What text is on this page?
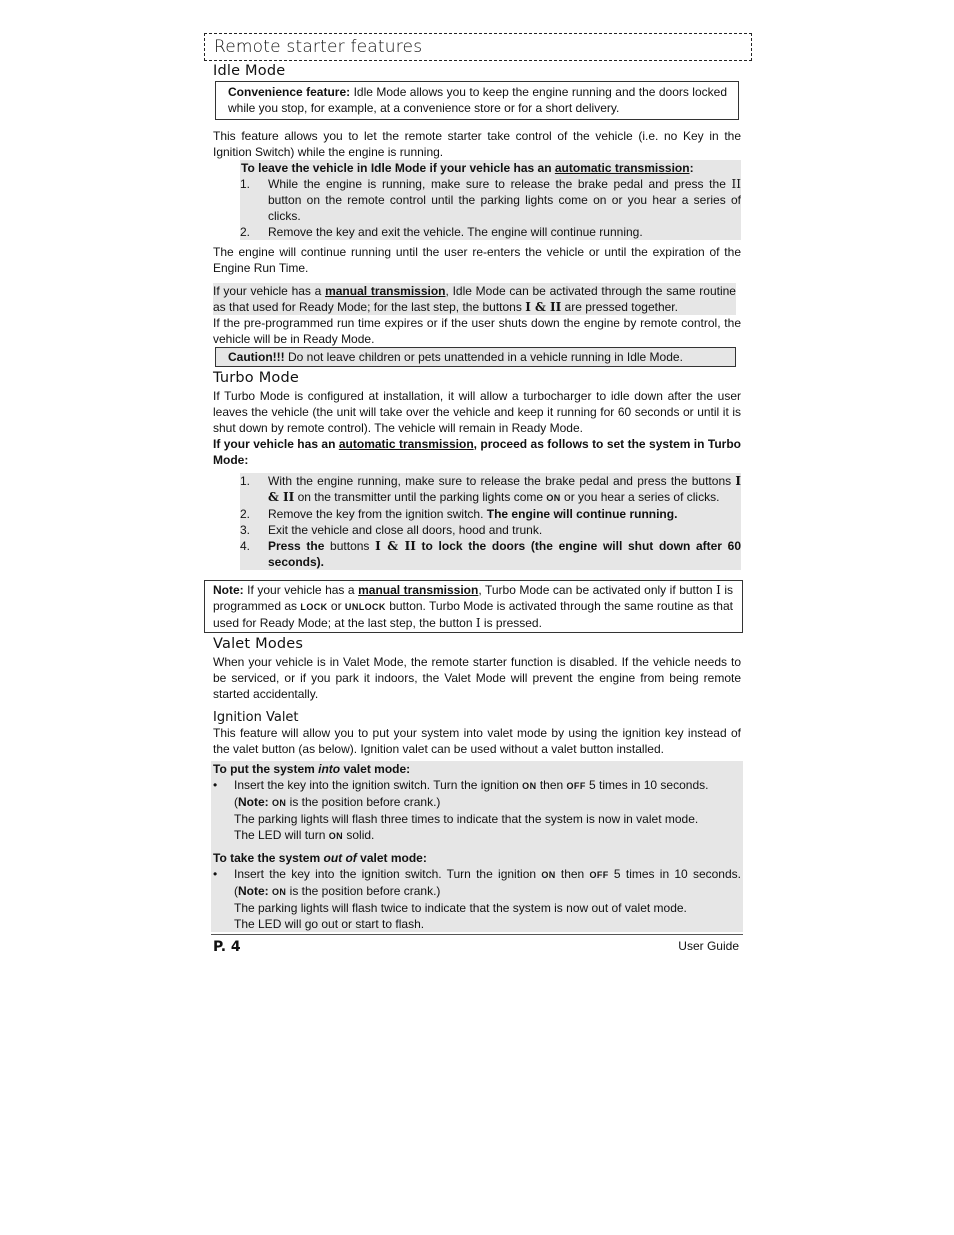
Remote starter features
Idle Mode

Convenience feature: Idle Mode allows you to keep the engine running and the doors locked while you stop, for example, at a convenience store or for a short delivery.

This feature allows you to let the remote starter take control of the vehicle (i.e. no Key in the Ignition Switch) while the engine is running.

To leave the vehicle in Idle Mode if your vehicle has an automatic transmission:

1.	While the engine is running, make sure to release the brake pedal and press the II button on the remote control until the parking lights come on or you hear a series of clicks.
2.	Remove the key and exit the vehicle. The engine will continue running.

The engine will continue running until the user re-enters the vehicle or until the expiration of the Engine Run Time.

If your vehicle has a manual transmission, Idle Mode can be activated through the same routine as that used for Ready Mode; for the last step, the buttons I & II are pressed together.

If the pre-programmed run time expires or if the user shuts down the engine by remote control, the vehicle will be in Ready Mode.

Caution!!! Do not leave children or pets unattended in a vehicle running in Idle Mode.

Turbo Mode

If Turbo Mode is configured at installation, it will allow a turbocharger to idle down after the user leaves the vehicle (the unit will take over the vehicle and keep it running for 60 seconds or until it is shut down by remote control). The vehicle will remain in Ready Mode.

If your vehicle has an automatic transmission, proceed as follows to set the system in Turbo Mode:

1.	With the engine running, make sure to release the brake pedal and press the buttons I & II on the transmitter until the parking lights come ON or you hear a series of clicks.
2.	Remove the key from the ignition switch. The engine will continue running.
3.	Exit the vehicle and close all doors, hood and trunk.
4.	Press the buttons I & II to lock the doors (the engine will shut down after 60 seconds).

Note: If your vehicle has a manual transmission, Turbo Mode can be activated only if button I is programmed as LOCK or UNLOCK button. Turbo Mode is activated through the same routine as that used for Ready Mode; at the last step, the button I is pressed.

Valet Modes

When your vehicle is in Valet Mode, the remote starter function is disabled. If the vehicle needs to be serviced, or if you park it indoors, the Valet Mode will prevent the engine from being remote started accidentally.

Ignition Valet

This feature will allow you to put your system into valet mode by using the ignition key instead of the valet button (as below). Ignition valet can be used without a valet button installed.

To put the system into valet mode:

•	Insert the key into the ignition switch. Turn the ignition ON then OFF 5 times in 10 seconds.
(Note: ON is the position before crank.)
The parking lights will flash three times to indicate that the system is now in valet mode.
The LED will turn ON solid.

To take the system out of valet mode:

•	Insert the key into the ignition switch. Turn the ignition ON then OFF 5 times in 10 seconds. (Note: ON is the position before crank.)
The parking lights will flash twice to indicate that the system is now out of valet mode.
The LED will go out or start to flash.
P. 4	User Guide
